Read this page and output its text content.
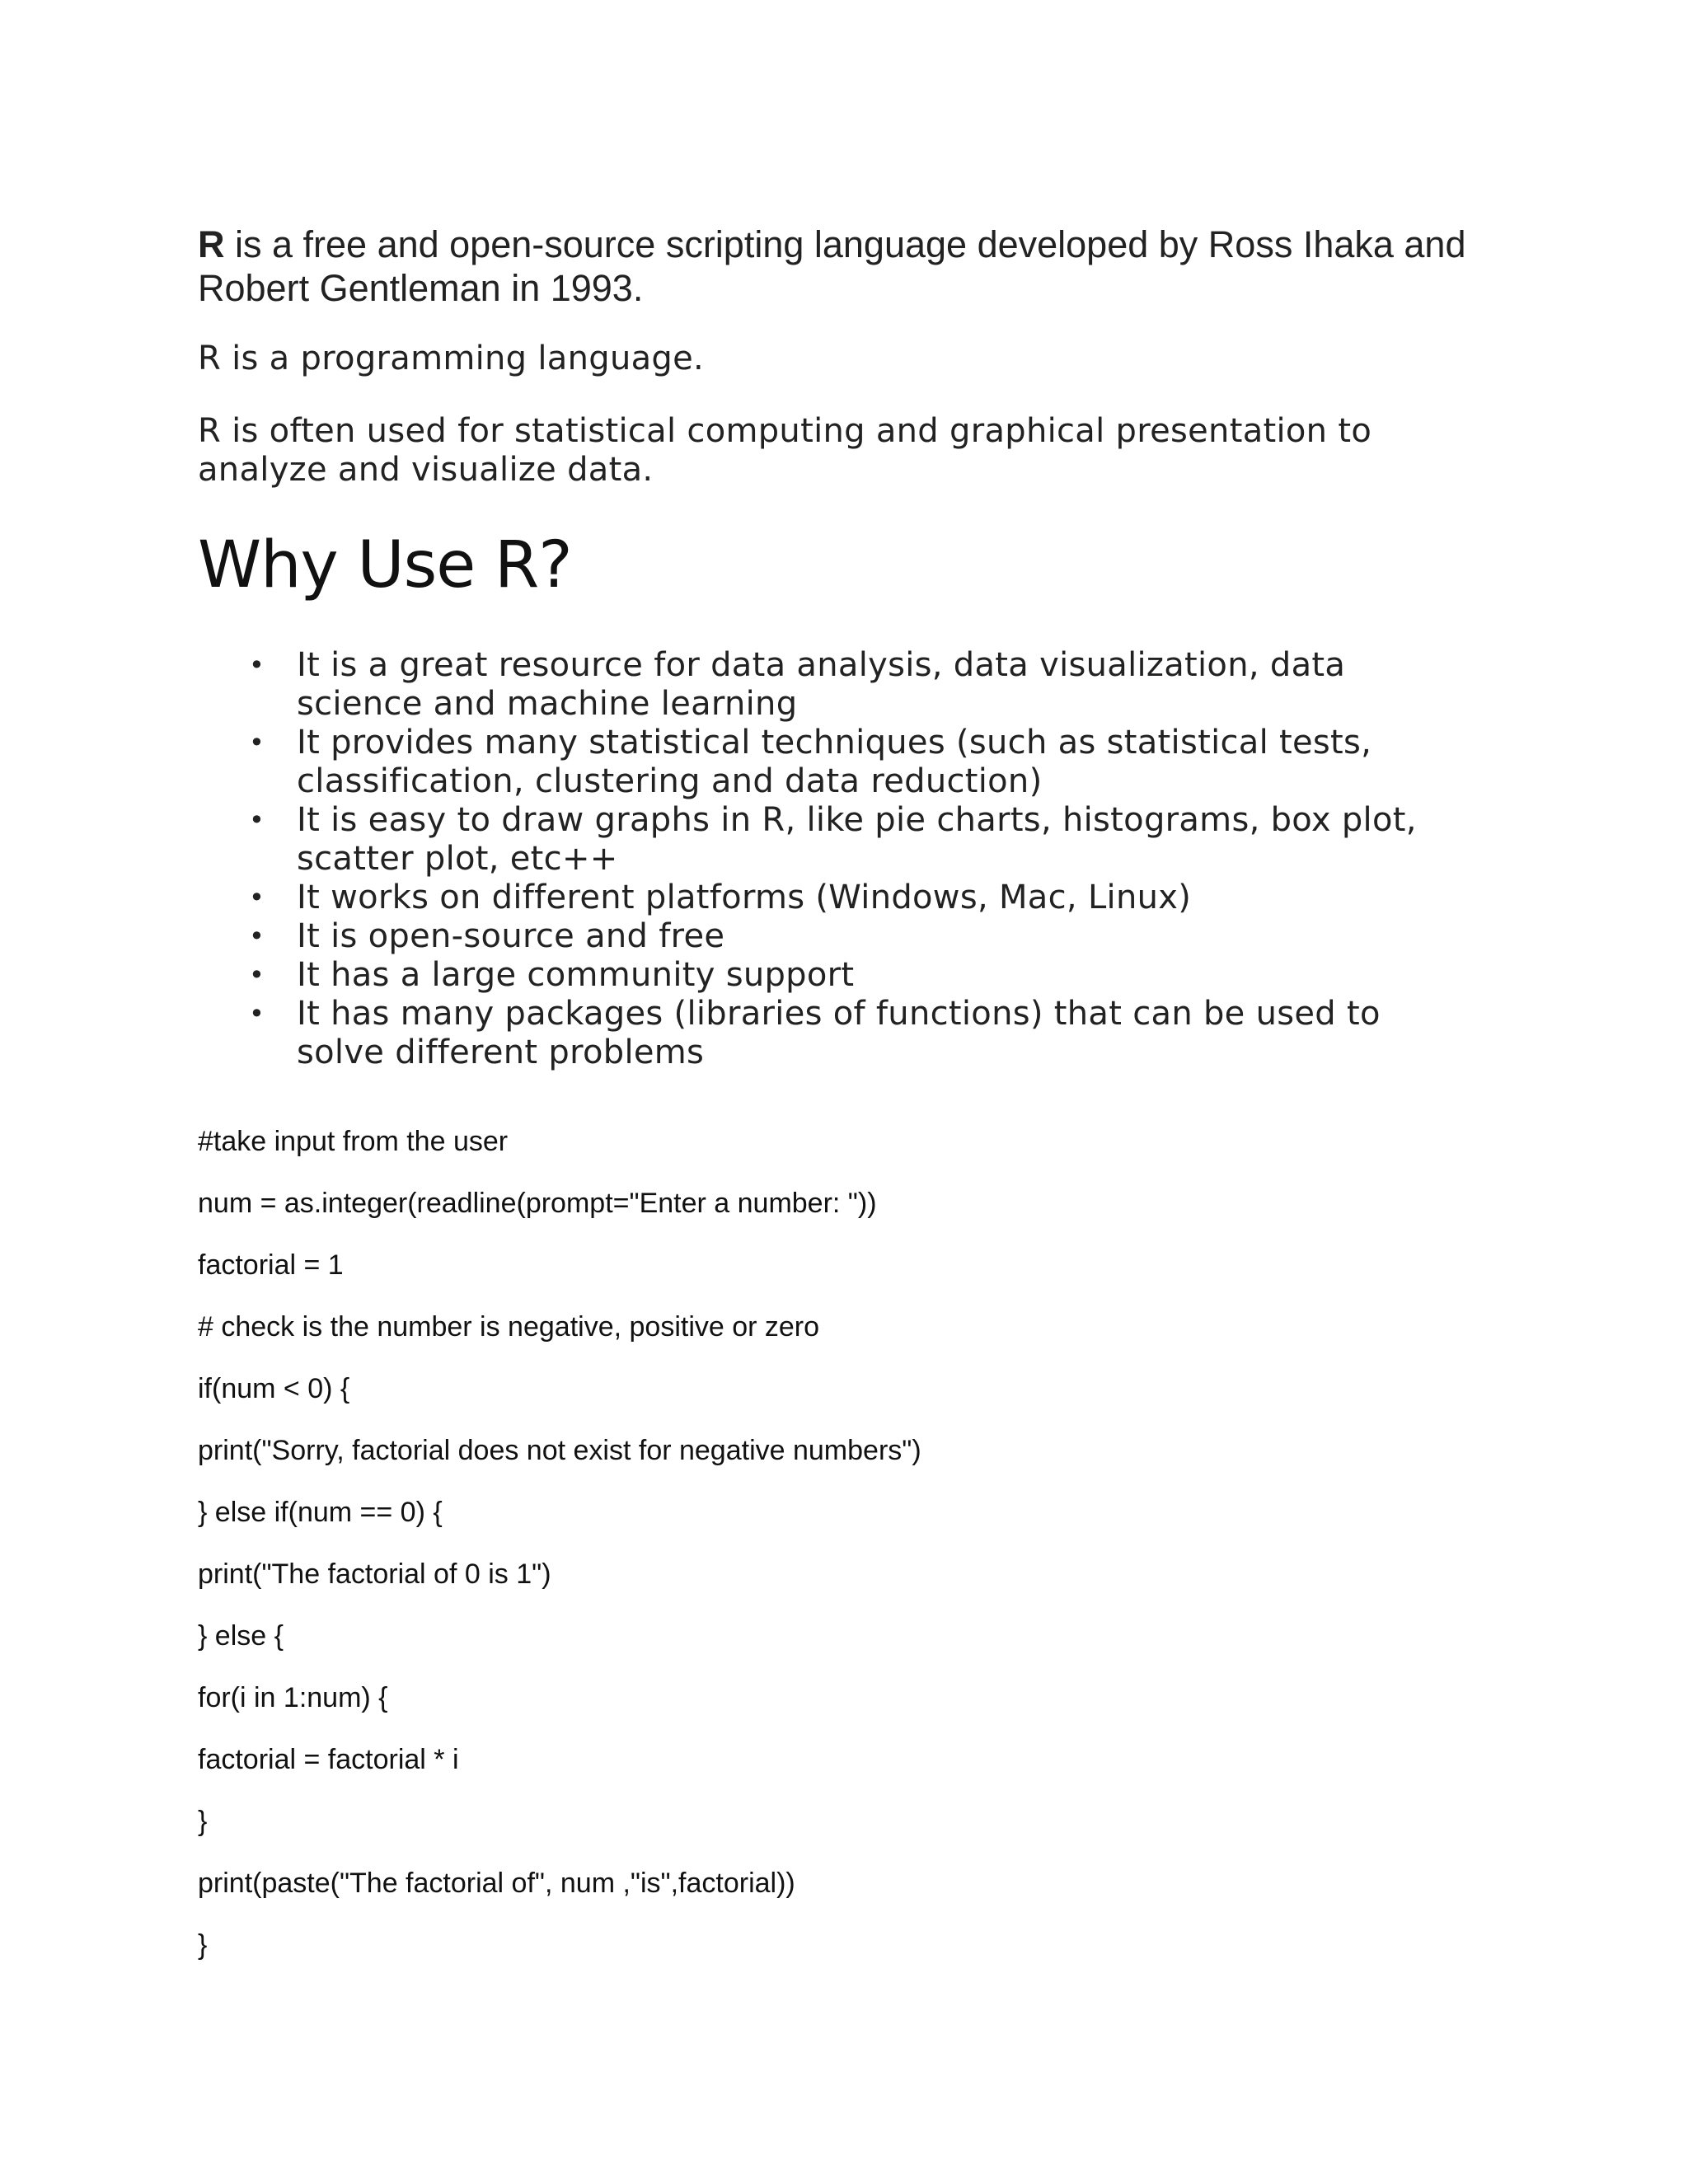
R is a free and open-source scripting language developed by Ross Ihaka and Robert Gentleman in 1993.

R is a programming language.

R is often used for statistical computing and graphical presentation to analyze and visualize data.

Why Use R?
• It is a great resource for data analysis, data visualization, data science and machine learning
• It provides many statistical techniques (such as statistical tests, classification, clustering and data reduction)
• It is easy to draw graphs in R, like pie charts, histograms, box plot, scatter plot, etc++
• It works on different platforms (Windows, Mac, Linux)
• It is open-source and free
• It has a large community support
• It has many packages (libraries of functions) that can be used to solve different problems

#take input from the user

num = as.integer(readline(prompt="Enter a number: "))

factorial = 1

# check is the number is negative, positive or zero

if(num < 0) {

print("Sorry, factorial does not exist for negative numbers")

} else if(num == 0) {

print("The factorial of 0 is 1")

} else {

for(i in 1:num) {

factorial = factorial * i

}

print(paste("The factorial of", num ,"is",factorial))

}
